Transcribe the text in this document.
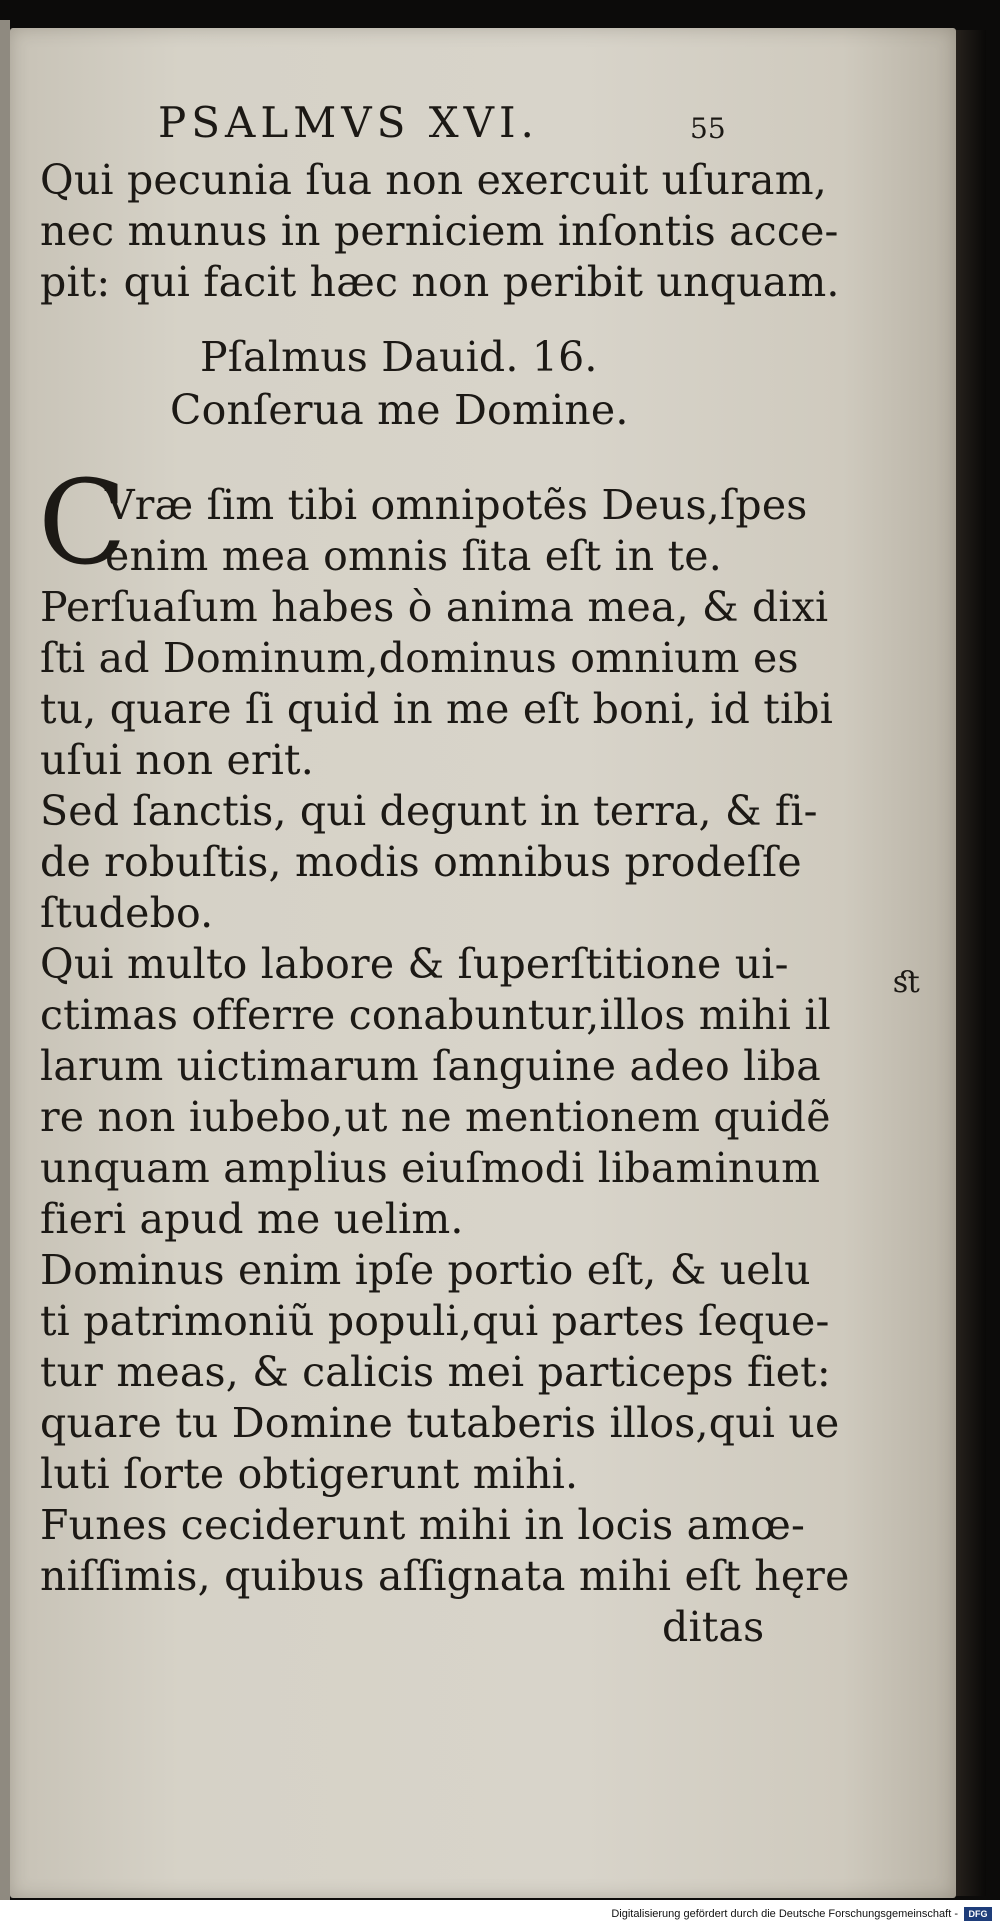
PSALMVS XVI.	55
Qui pecunia ſua non exercuit uſuram,
nec munus in perniciem inſontis acce-
pit: qui facit hæc non peribit unquam.
Pſalmus Dauid. 16.
Conſerua me Domine.
Vræ ſim tibi omnipotẽs Deus,ſpes
enim mea omnis ſita eſt in te.
Perſuaſum habes ò anima mea, & dixi
ſti ad Dominum,dominus omnium es
tu, quare ſi quid in me eſt boni, id tibi
uſui non erit.
Sed ſanctis, qui degunt in terra, & fi-
de robuſtis, modis omnibus prodeſſe
ſtudebo.
Qui multo labore & ſuperſtitione ui-
ctimas offerre conabuntur,illos mihi il
larum uictimarum ſanguine adeo liba
re non iubebo,ut ne mentionem quidẽ
unquam amplius eiuſmodi libaminum
fieri apud me uelim.
Dominus enim ipſe portio eſt, & uelu
ti patrimoniũ populi,qui partes ſeque-
tur meas, & calicis mei particeps fiet:
quare tu Domine tutaberis illos,qui ue
luti ſorte obtigerunt mihi.
Funes ceciderunt mihi in locis amœ-
niſſimis, quibus aſſignata mihi eſt hęre
ditas
C
ﬆ
Digitalisierung gefördert durch die Deutsche Forschungsgemeinschaft -	DFG
